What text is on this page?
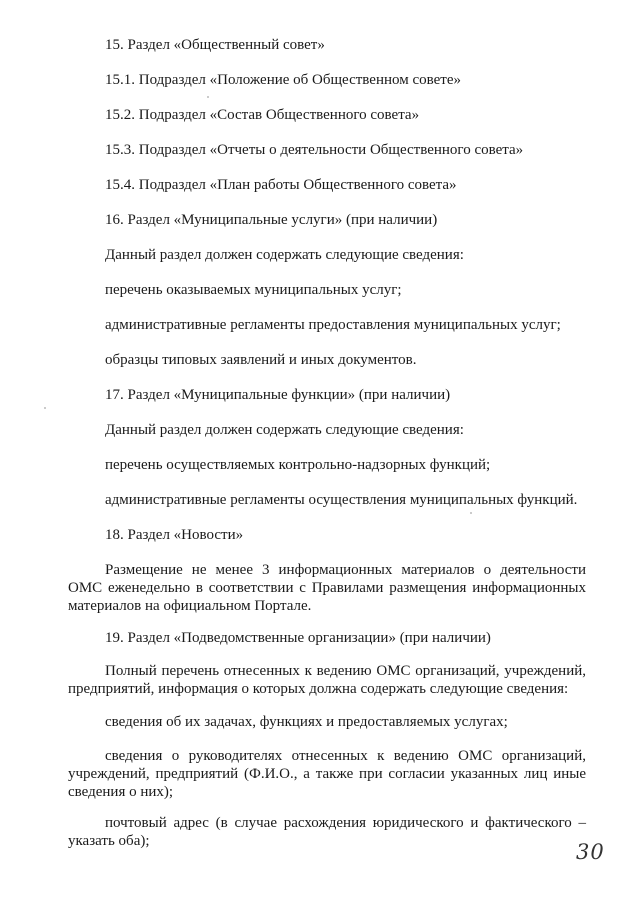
15. Раздел «Общественный совет»
15.1. Подраздел «Положение об Общественном совете»
15.2. Подраздел «Состав Общественного совета»
15.3. Подраздел «Отчеты о деятельности Общественного совета»
15.4. Подраздел «План работы Общественного совета»
16. Раздел «Муниципальные услуги» (при наличии)
Данный раздел должен содержать следующие сведения:
перечень оказываемых муниципальных услуг;
административные регламенты предоставления муниципальных услуг;
образцы типовых заявлений и иных документов.
17. Раздел «Муниципальные функции» (при наличии)
Данный раздел должен содержать следующие сведения:
перечень осуществляемых контрольно-надзорных функций;
административные регламенты осуществления муниципальных функций.
18. Раздел «Новости»
Размещение не менее 3 информационных материалов о деятельности ОМС еженедельно в соответствии с Правилами размещения информационных материалов на официальном Портале.
19. Раздел «Подведомственные организации» (при наличии)
Полный перечень отнесенных к ведению ОМС организаций, учреждений, предприятий, информация о которых должна содержать следующие сведения:
сведения об их задачах, функциях и предоставляемых услугах;
сведения о руководителях отнесенных к ведению ОМС организаций, учреждений, предприятий (Ф.И.О., а также при согласии указанных лиц иные сведения о них);
почтовый адрес (в случае расхождения юридического и фактического – указать оба);	30
